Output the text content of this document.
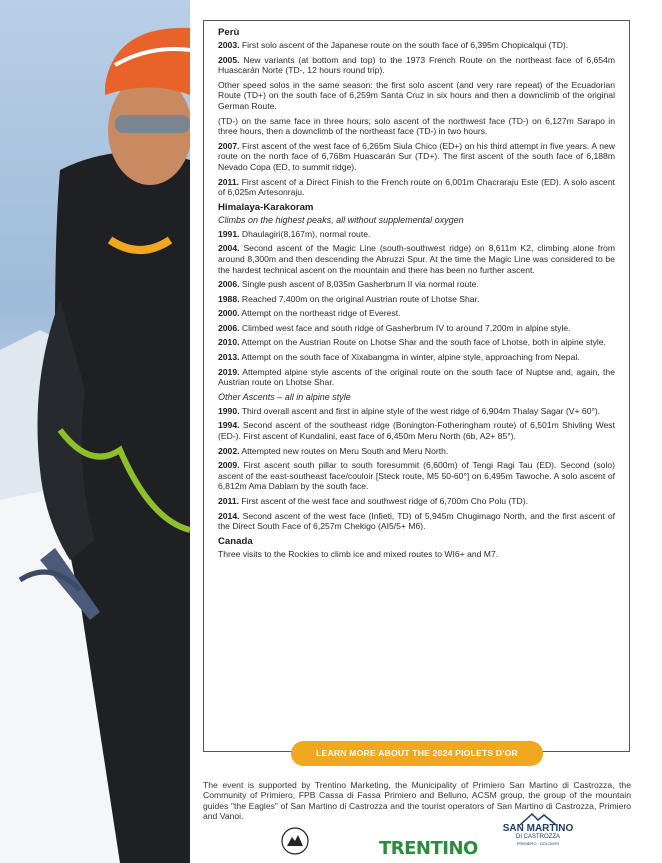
Perù
2003. First solo ascent of the Japanese route on the south face of 6,395m Chopicalqui (TD).
2005. New variants (at bottom and top) to the 1973 French Route on the northeast face of 6,654m Huascarán Norte (TD-, 12 hours round trip).
Other speed solos in the same season: the first solo ascent (and very rare repeat) of the Ecuadorian Route (TD+) on the south face of 6,259m Santa Cruz in six hours and then a downclimb of the original German Route.
(TD-) on the same face in three hours; solo ascent of the northwest face (TD-) on 6,127m Sarapo in three hours, then a downclimb of the northeast face (TD-) in two hours.
2007. First ascent of the west face of 6,265m Siula Chico (ED+) on his third attempt in five years. A new route on the north face of 6,768m Huascarán Sur (TD+). The first ascent of the south face of 6,188m Nevado Copa (ED, to summit ridge).
2011. First ascent of a Direct Finish to the French route on 6,001m Chacraraju Este (ED). A solo ascent of 6,025m Artesonraju.
Himalaya-Karakoram
Climbs on the highest peaks, all without supplemental oxygen
1991. Dhaulagiri(8,167m), normal route.
2004. Second ascent of the Magic Line (south-southwest ridge) on 8,611m K2, climbing alone from around 8,300m and then descending the Abruzzi Spur. At the time the Magic Line was considered to be the hardest technical ascent on the mountain and there has been no further ascent.
2006. Single push ascent of 8,035m Gasherbrum II via normal route.
1988. Reached 7,400m on the original Austrian route of Lhotse Shar.
2000. Attempt on the northeast ridge of Everest.
2006. Climbed west face and south ridge of Gasherbrum IV to around 7,200m in alpine style.
2010. Attempt on the Austrian Route on Lhotse Shar and the south face of Lhotse, both in alpine style.
2013. Attempt on the south face of Xixabangma in winter, alpine style, approaching from Nepal.
2019. Attempted alpine style ascents of the original route on the south face of Nuptse and, again, the Austrian route on Lhotse Shar.
Other Ascents – all in alpine style
1990. Third overall ascent and first in alpine style of the west ridge of 6,904m Thalay Sagar (V+ 60°).
1994. Second ascent of the southeast ridge (Bonington-Fotheringham route) of 6,501m Shivling West (ED-). First ascent of Kundalini, east face of 6,450m Meru North (6b, A2+ 85°).
2002. Attempted new routes on Meru South and Meru North.
2009. First ascent south pillar to south foresummit (6,600m) of Tengi Ragi Tau (ED). Second (solo) ascent of the east-southeast face/couloir [Steck route, M5 50-60°] on 6,495m Tawoche. A solo ascent of 6,812m Ama Dablam by the south face.
2011. First ascent of the west face and southwest ridge of 6,700m Cho Polu (TD).
2014. Second ascent of the west face (Infieti, TD) of 5,945m Chugimago North, and the first ascent of the Direct South Face of 6,257m Chekigo (AI5/5+ M6).
Canada
Three visits to the Rockies to climb ice and mixed routes to WI6+ and M7.
LEARN MORE ABOUT THE 2024 PIOLETS D'OR
The event is supported by Trentino Marketing, the Municipality of Primiero San Martino di Castrozza, the Community of Primiero, FPB Cassa di Fassa Primiero and Belluno, ACSM group, the group of the mountain guides "the Eagles" of San Martino di Castrozza and the tourist operators of San Martino di Castrozza, Primiero and Vanoi.
TRENTINO
SAN MARTINO
DI CASTROZZA
PRIMIERO · DOLOMITI
